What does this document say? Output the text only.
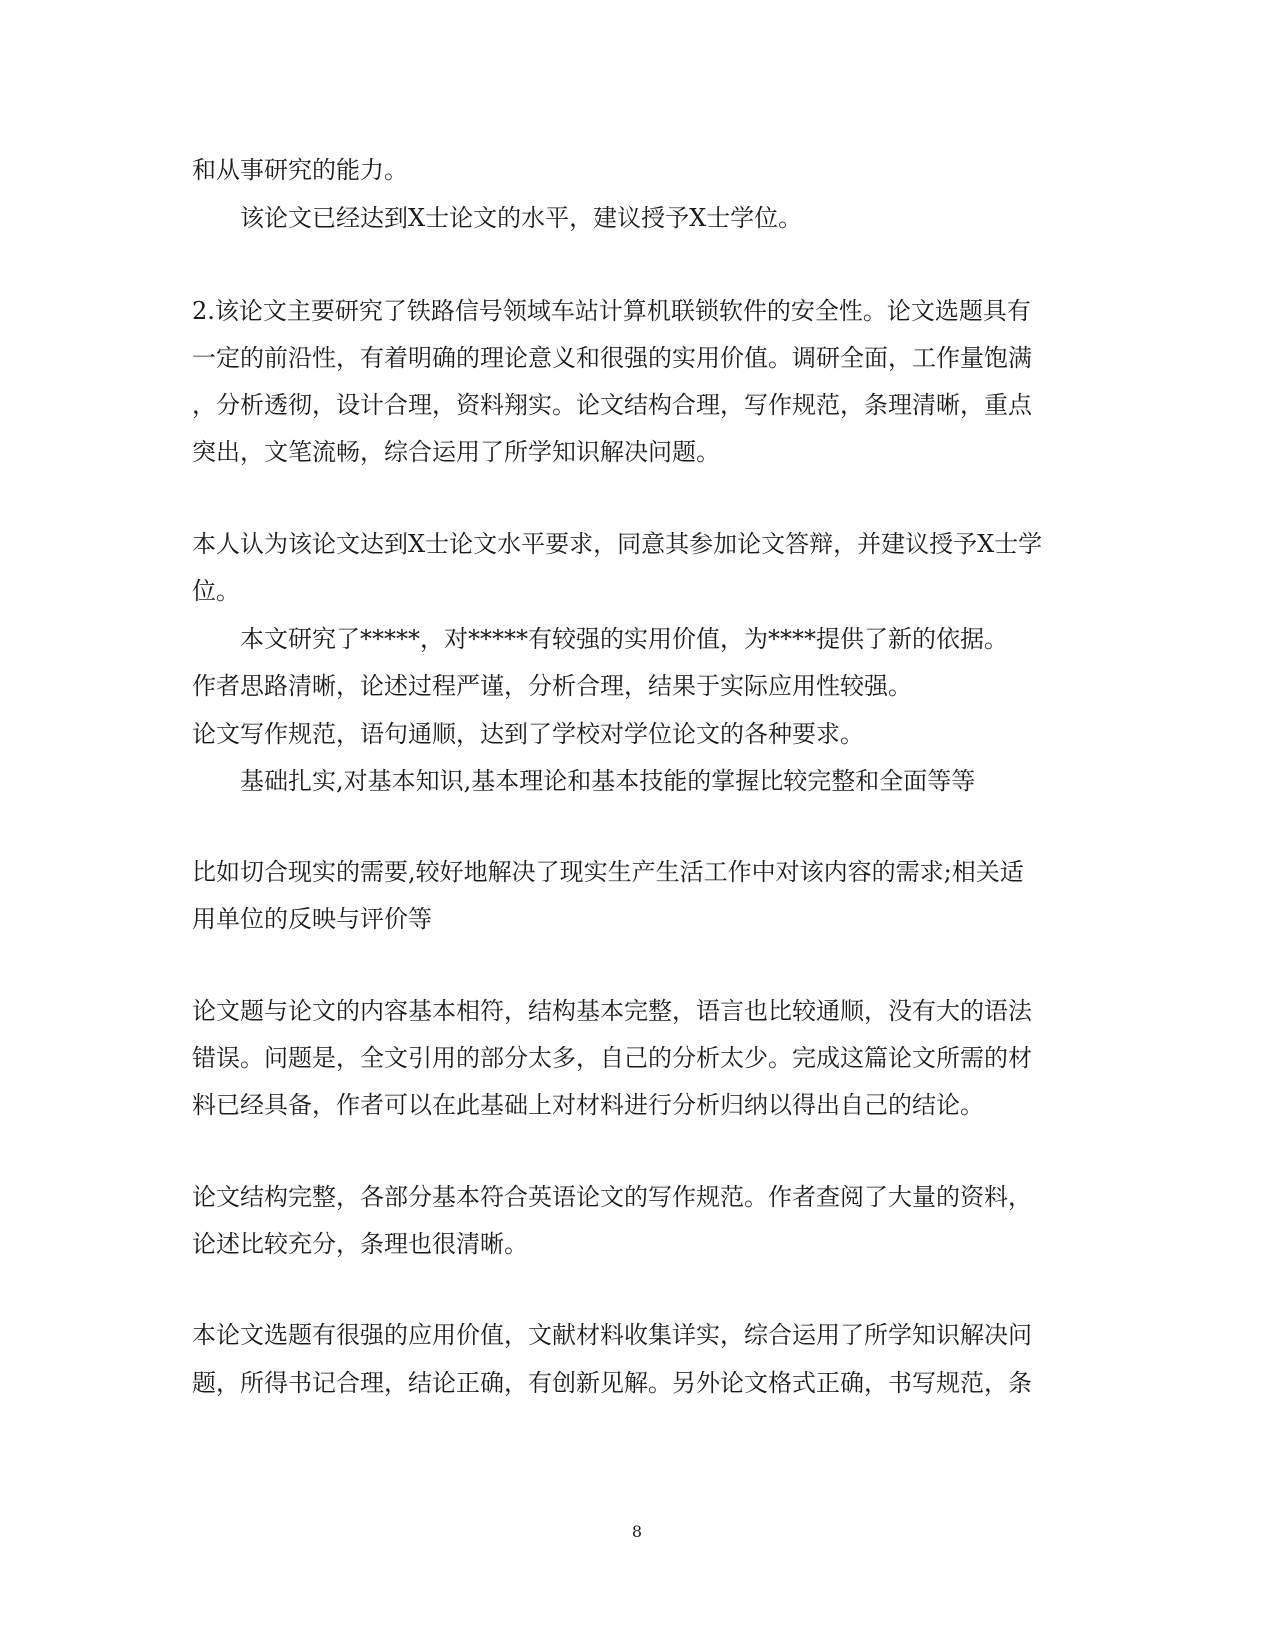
和从事研究的能力。

该论文已经达到X士论文的水平，建议授予X士学位。

2.该论文主要研究了铁路信号领域车站计算机联锁软件的安全性。论文选题具有

一定的前沿性，有着明确的理论意义和很强的实用价值。调研全面，工作量饱满

，分析透彻，设计合理，资料翔实。论文结构合理，写作规范，条理清晰，重点

突出，文笔流畅，综合运用了所学知识解决问题。

本人认为该论文达到X士论文水平要求，同意其参加论文答辩，并建议授予X士学

位。

本文研究了*****，对*****有较强的实用价值，为****提供了新的依据。

作者思路清晰，论述过程严谨，分析合理，结果于实际应用性较强。

论文写作规范，语句通顺，达到了学校对学位论文的各种要求。

基础扎实,对基本知识,基本理论和基本技能的掌握比较完整和全面等等

比如切合现实的需要,较好地解决了现实生产生活工作中对该内容的需求;相关适

用单位的反映与评价等

论文题与论文的内容基本相符，结构基本完整，语言也比较通顺，没有大的语法

错误。问题是，全文引用的部分太多，自己的分析太少。完成这篇论文所需的材

料已经具备，作者可以在此基础上对材料进行分析归纳以得出自己的结论。

论文结构完整，各部分基本符合英语论文的写作规范。作者查阅了大量的资料，

论述比较充分，条理也很清晰。

本论文选题有很强的应用价值，文献材料收集详实，综合运用了所学知识解决问

题，所得书记合理，结论正确，有创新见解。另外论文格式正确，书写规范，条

8
